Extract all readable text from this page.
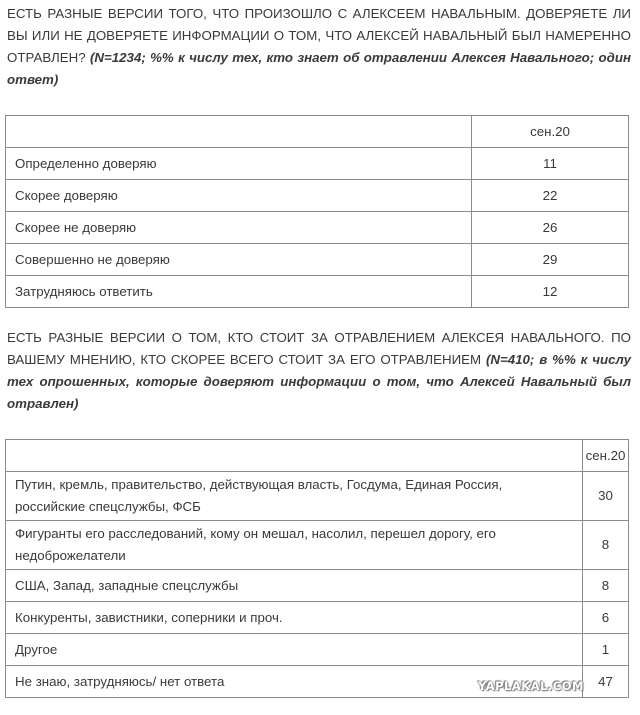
ЕСТЬ РАЗНЫЕ ВЕРСИИ ТОГО, ЧТО ПРОИЗОШЛО С АЛЕКСЕЕМ НАВАЛЬНЫМ. ДОВЕРЯЕТЕ ЛИ ВЫ ИЛИ НЕ ДОВЕРЯЕТЕ ИНФОРМАЦИИ О ТОМ, ЧТО АЛЕКСЕЙ НАВАЛЬНЫЙ БЫЛ НАМЕРЕННО ОТРАВЛЕН? (N=1234; %% к числу тех, кто знает об отравлении Алексея Навального; один ответ)
	сен.20
Определенно доверяю	11
Скорее доверяю	22
Скорее не доверяю	26
Совершенно не доверяю	29
Затрудняюсь ответить	12
ЕСТЬ РАЗНЫЕ ВЕРСИИ О ТОМ, КТО СТОИТ ЗА ОТРАВЛЕНИЕМ АЛЕКСЕЯ НАВАЛЬНОГО. ПО ВАШЕМУ МНЕНИЮ, КТО СКОРЕЕ ВСЕГО СТОИТ ЗА ЕГО ОТРАВЛЕНИЕМ (N=410; в %% к числу тех опрошенных, которые доверяют информации о том, что Алексей Навальный был отравлен)
	сен.20
Путин, кремль, правительство, действующая власть, Госдума, Единая Россия, российские спецслужбы, ФСБ	30
Фигуранты его расследований, кому он мешал, насолил, перешел дорогу, его недоброжелатели	8
США, Запад, западные спецслужбы	8
Конкуренты, завистники, соперники и проч.	6
Другое	1
Не знаю, затрудняюсь/ нет ответа	47
YAPLAKAL.COM
